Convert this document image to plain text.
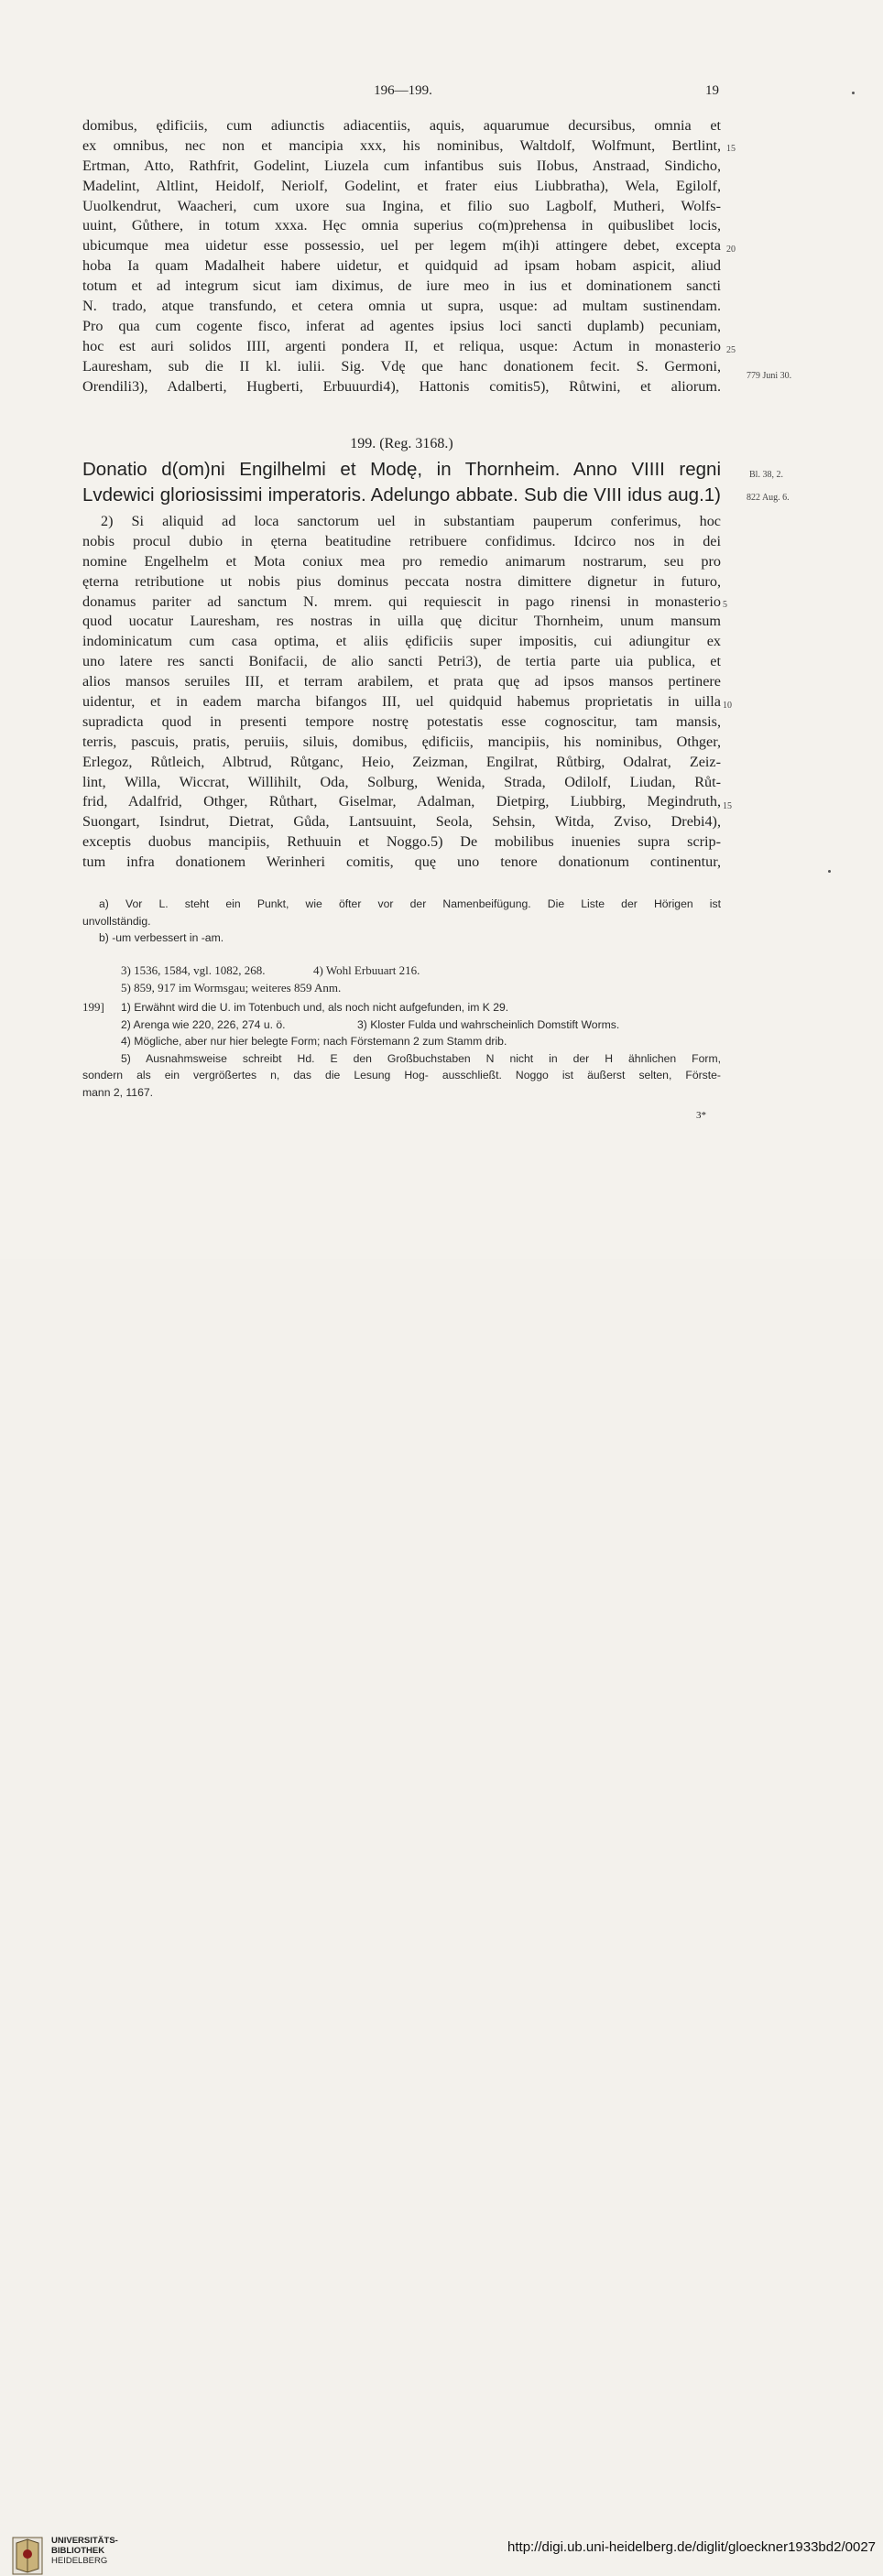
196—199.	19
domibus, ędificiis, cum adiunctis adiacentiis, aquis, aquarumue decursibus, omnia et
ex omnibus, nec non et mancipia xxx, his nominibus, Waltdolf, Wolfmunt, Bertlint,
Ertman, Atto, Rathfrit, Godelint, Liuzela cum infantibus suis IIobus, Anstraad, Sindicho,
Madelint, Altlint, Heidolf, Neriolf, Godelint, et frater eius Liubbratha), Wela, Egilolf,
Uuolkendrut, Waacheri, cum uxore sua Ingina, et filio suo Lagbolf, Mutheri, Wolfs-
uuint, Gůthere, in totum xxxa. Hęc omnia superius co(m)prehensa in quibuslibet locis,
ubicumque mea uidetur esse possessio, uel per legem m(ih)i attingere debet, excepta
hoba Ia quam Madalheit habere uidetur, et quidquid ad ipsam hobam aspicit, aliud
totum et ad integrum sicut iam diximus, de iure meo in ius et dominationem sancti
N. trado, atque transfundo, et cetera omnia ut supra, usque: ad multam sustinendam.
Pro qua cum cogente fisco, inferat ad agentes ipsius loci sancti duplamb) pecuniam,
hoc est auri solidos IIII, argenti pondera II, et reliqua, usque: Actum in monasterio
Lauresham, sub die II kl. iulii. Sig. Vdę que hanc donationem fecit. S. Germoni,
Orendili3), Adalberti, Hugberti, Erbuuurdi4), Hattonis comitis5), Růtwini, et aliorum.
15
20
25
779 Juni 30.
199. (Reg. 3168.)
Donatio d(om)ni Engilhelmi et Modę, in Thornheim. Anno VIIII regni
Lvdewici gloriosissimi imperatoris. Adelungo abbate. Sub die VIII idus aug.1)
Bl. 38, 2.
822 Aug. 6.
2) Si aliquid ad loca sanctorum uel in substantiam pauperum conferimus, hoc
nobis procul dubio in ęterna beatitudine retribuere confidimus. Idcirco nos in dei
nomine Engelhelm et Mota coniux mea pro remedio animarum nostrarum, seu pro
ęterna retributione ut nobis pius dominus peccata nostra dimittere dignetur in futuro,
donamus pariter ad sanctum N. mrem. qui requiescit in pago rinensi in monasterio
quod uocatur Lauresham, res nostras in uilla quę dicitur Thornheim, unum mansum
indominicatum cum casa optima, et aliis ędificiis super impositis, cui adiungitur ex
uno latere res sancti Bonifacii, de alio sancti Petri3), de tertia parte uia publica, et
alios mansos seruiles III, et terram arabilem, et prata quę ad ipsos mansos pertinere
uidentur, et in eadem marcha bifangos III, uel quidquid habemus proprietatis in uilla
supradicta quod in presenti tempore nostrę potestatis esse cognoscitur, tam mansis,
terris, pascuis, pratis, peruiis, siluis, domibus, ędificiis, mancipiis, his nominibus, Othger,
Erlegoz, Růtleich, Albtrud, Růtganc, Heio, Zeizman, Engilrat, Růtbirg, Odalrat, Zeiz-
lint, Willa, Wiccrat, Willihilt, Oda, Solburg, Wenida, Strada, Odilolf, Liudan, Růt-
frid, Adalfrid, Othger, Růthart, Giselmar, Adalman, Dietpirg, Liubbirg, Megindruth,
Suongart, Isindrut, Dietrat, Gůda, Lantsuuint, Seola, Sehsin, Witda, Zviso, Drebi4),
exceptis duobus mancipiis, Rethuuin et Noggo.5) De mobilibus inuenies supra scrip-
tum infra donationem Werinheri comitis, quę uno tenore donationum continentur,
5
10
15
a) Vor L. steht ein Punkt, wie öfter vor der Namenbeifügung. Die Liste der Hörigen ist
unvollständig.
b) -um verbessert in -am.
3) 1536, 1584, vgl. 1082, 268.	4) Wohl Erbuuart 216.
5) 859, 917 im Wormsgau; weiteres 859 Anm.
199] 1) Erwähnt wird die U. im Totenbuch und, als noch nicht aufgefunden, im K 29.
2) Arenga wie 220, 226, 274 u. ö.	3) Kloster Fulda und wahrscheinlich Domstift Worms.
4) Mögliche, aber nur hier belegte Form; nach Förstemann 2 zum Stamm drib.
5) Ausnahmsweise schreibt Hd. E den Großbuchstaben N nicht in der H ähnlichen Form,
sondern als ein vergrößertes n, das die Lesung Hog- ausschließt. Noggo ist äußerst selten, Förste-
mann 2, 1167.
3*
UNIVERSITÄTS-
BIBLIOTHEK
HEIDELBERG
http://digi.ub.uni-heidelberg.de/diglit/gloeckner1933bd2/0027
